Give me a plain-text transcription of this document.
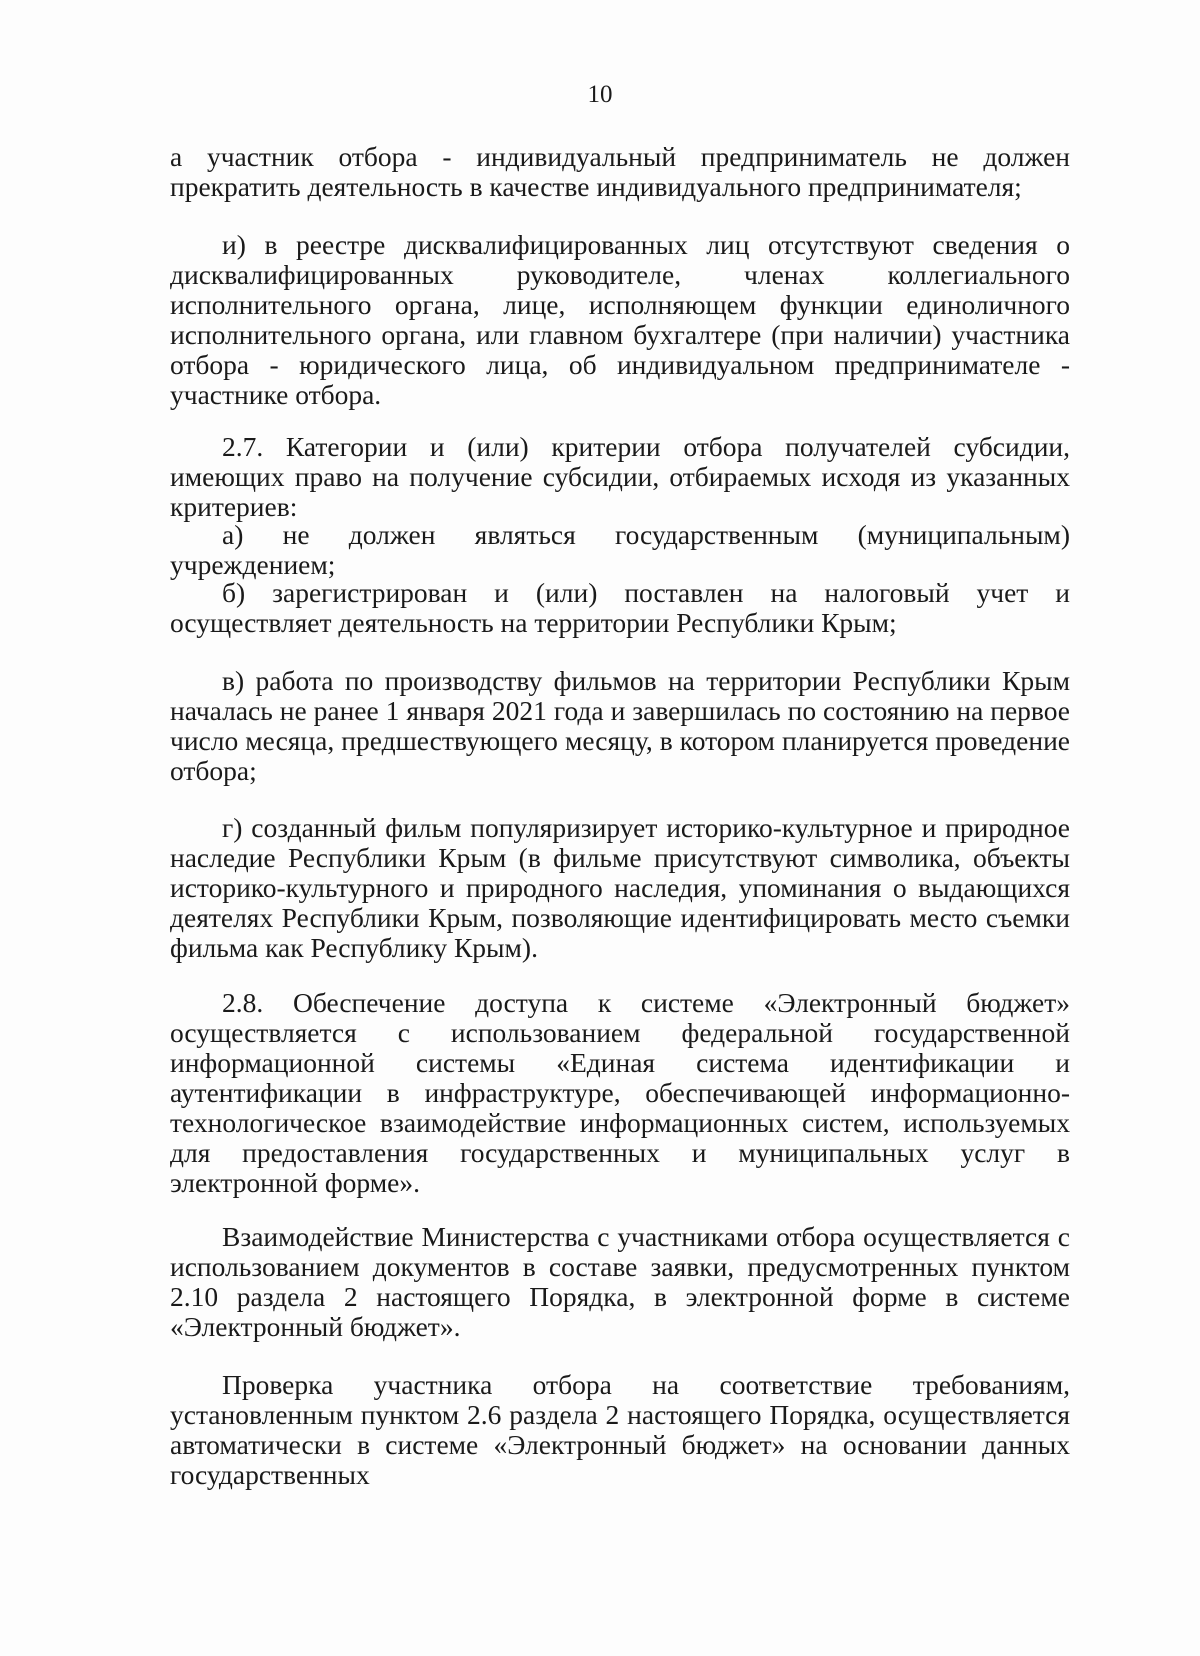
10
а участник отбора - индивидуальный предприниматель не должен прекратить деятельность в качестве индивидуального предпринимателя;
и) в реестре дисквалифицированных лиц отсутствуют сведения о дисквалифицированных руководителе, членах коллегиального исполнительного органа, лице, исполняющем функции единоличного исполнительного органа, или главном бухгалтере (при наличии) участника отбора - юридического лица, об индивидуальном предпринимателе - участнике отбора.
2.7. Категории и (или) критерии отбора получателей субсидии, имеющих право на получение субсидии, отбираемых исходя из указанных критериев:
а) не должен являться государственным (муниципальным) учреждением;
б) зарегистрирован и (или) поставлен на налоговый учет и осуществляет деятельность на территории Республики Крым;
в) работа по производству фильмов на территории Республики Крым началась не ранее 1 января 2021 года и завершилась по состоянию на первое число месяца, предшествующего месяцу, в котором планируется проведение отбора;
г) созданный фильм популяризирует историко-культурное и природное наследие Республики Крым (в фильме присутствуют символика, объекты историко-культурного и природного наследия, упоминания о выдающихся деятелях Республики Крым, позволяющие идентифицировать место съемки фильма как Республику Крым).
2.8. Обеспечение доступа к системе «Электронный бюджет» осуществляется с использованием федеральной государственной информационной системы «Единая система идентификации и аутентификации в инфраструктуре, обеспечивающей информационно-технологическое взаимодействие информационных систем, используемых для предоставления государственных и муниципальных услуг в электронной форме».
Взаимодействие Министерства с участниками отбора осуществляется с использованием документов в составе заявки, предусмотренных пунктом 2.10 раздела 2 настоящего Порядка, в электронной форме в системе «Электронный бюджет».
Проверка участника отбора на соответствие требованиям, установленным пунктом 2.6 раздела 2 настоящего Порядка, осуществляется автоматически в системе «Электронный бюджет» на основании данных государственных
